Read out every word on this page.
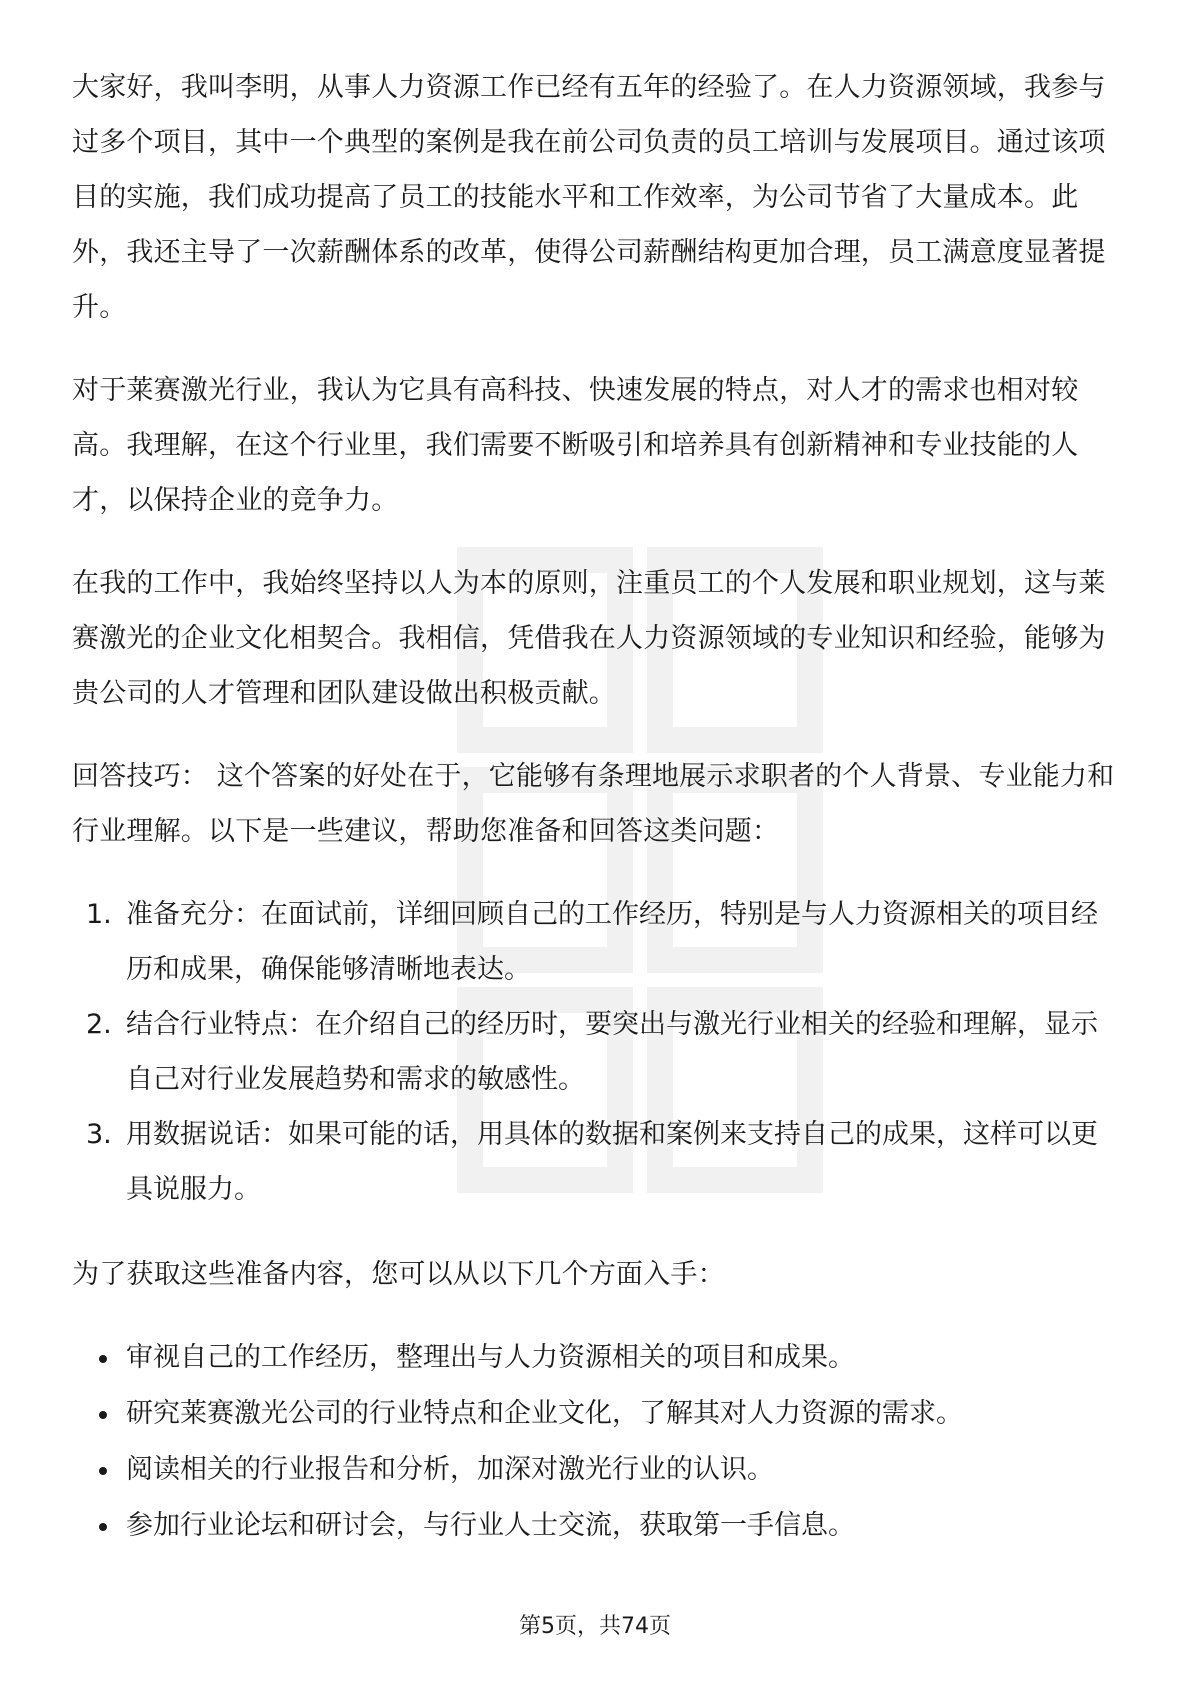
大家好，我叫李明，从事人力资源工作已经有五年的经验了。在人力资源领域，我参与过多个项目，其中一个典型的案例是我在前公司负责的员工培训与发展项目。通过该项目的实施，我们成功提高了员工的技能水平和工作效率，为公司节省了大量成本。此外，我还主导了一次薪酬体系的改革，使得公司薪酬结构更加合理，员工满意度显著提升。

对于莱赛激光行业，我认为它具有高科技、快速发展的特点，对人才的需求也相对较高。我理解，在这个行业里，我们需要不断吸引和培养具有创新精神和专业技能的人才，以保持企业的竞争力。

在我的工作中，我始终坚持以人为本的原则，注重员工的个人发展和职业规划，这与莱赛激光的企业文化相契合。我相信，凭借我在人力资源领域的专业知识和经验，能够为贵公司的人才管理和团队建设做出积极贡献。

回答技巧： 这个答案的好处在于，它能够有条理地展示求职者的个人背景、专业能力和行业理解。以下是一些建议，帮助您准备和回答这类问题：

1. 准备充分：在面试前，详细回顾自己的工作经历，特别是与人力资源相关的项目经历和成果，确保能够清晰地表达。
2. 结合行业特点：在介绍自己的经历时，要突出与激光行业相关的经验和理解，显示自己对行业发展趋势和需求的敏感性。
3. 用数据说话：如果可能的话，用具体的数据和案例来支持自己的成果，这样可以更具说服力。

为了获取这些准备内容，您可以从以下几个方面入手：

审视自己的工作经历，整理出与人力资源相关的项目和成果。
研究莱赛激光公司的行业特点和企业文化，了解其对人力资源的需求。
阅读相关的行业报告和分析，加深对激光行业的认识。
参加行业论坛和研讨会，与行业人士交流，获取第一手信息。
第5页，共74页
